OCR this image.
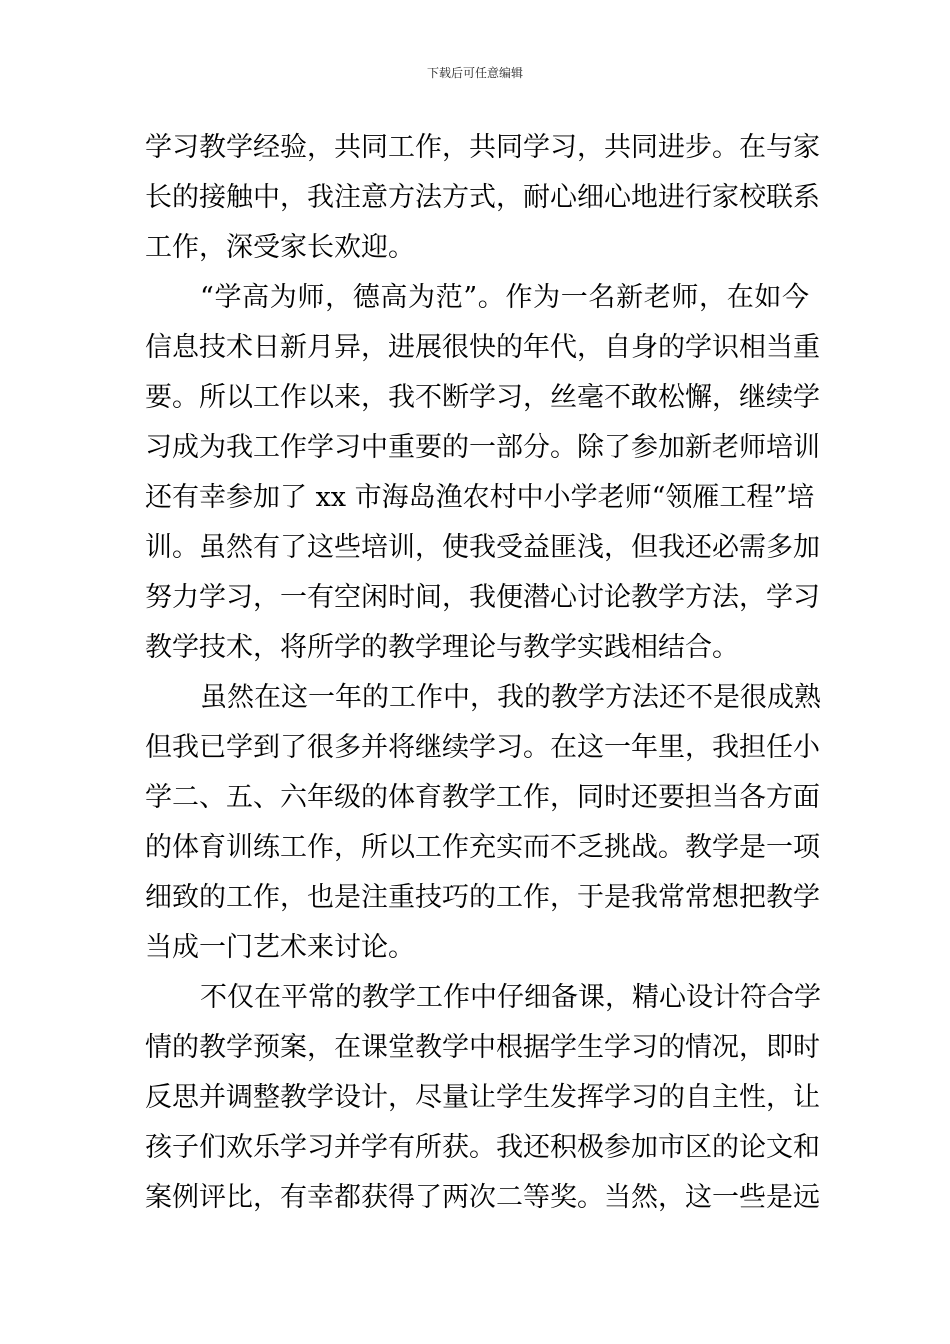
下载后可任意编辑
学习教学经验，共同工作，共同学习，共同进步。在与家
长的接触中，我注意方法方式，耐心细心地进行家校联系
工作，深受家长欢迎。
“学高为师，德高为范”。作为一名新老师，在如今
信息技术日新月异，进展很快的年代，自身的学识相当重
要。所以工作以来，我不断学习，丝毫不敢松懈，继续学
习成为我工作学习中重要的一部分。除了参加新老师培训
还有幸参加了 xx 市海岛渔农村中小学老师“领雁工程”培
训。虽然有了这些培训，使我受益匪浅，但我还必需多加
努力学习，一有空闲时间，我便潜心讨论教学方法，学习
教学技术，将所学的教学理论与教学实践相结合。
虽然在这一年的工作中，我的教学方法还不是很成熟
但我已学到了很多并将继续学习。在这一年里，我担任小
学二、五、六年级的体育教学工作，同时还要担当各方面
的体育训练工作，所以工作充实而不乏挑战。教学是一项
细致的工作，也是注重技巧的工作，于是我常常想把教学
当成一门艺术来讨论。
不仅在平常的教学工作中仔细备课，精心设计符合学
情的教学预案，在课堂教学中根据学生学习的情况，即时
反思并调整教学设计，尽量让学生发挥学习的自主性，让
孩子们欢乐学习并学有所获。我还积极参加市区的论文和
案例评比，有幸都获得了两次二等奖。当然，这一些是远
